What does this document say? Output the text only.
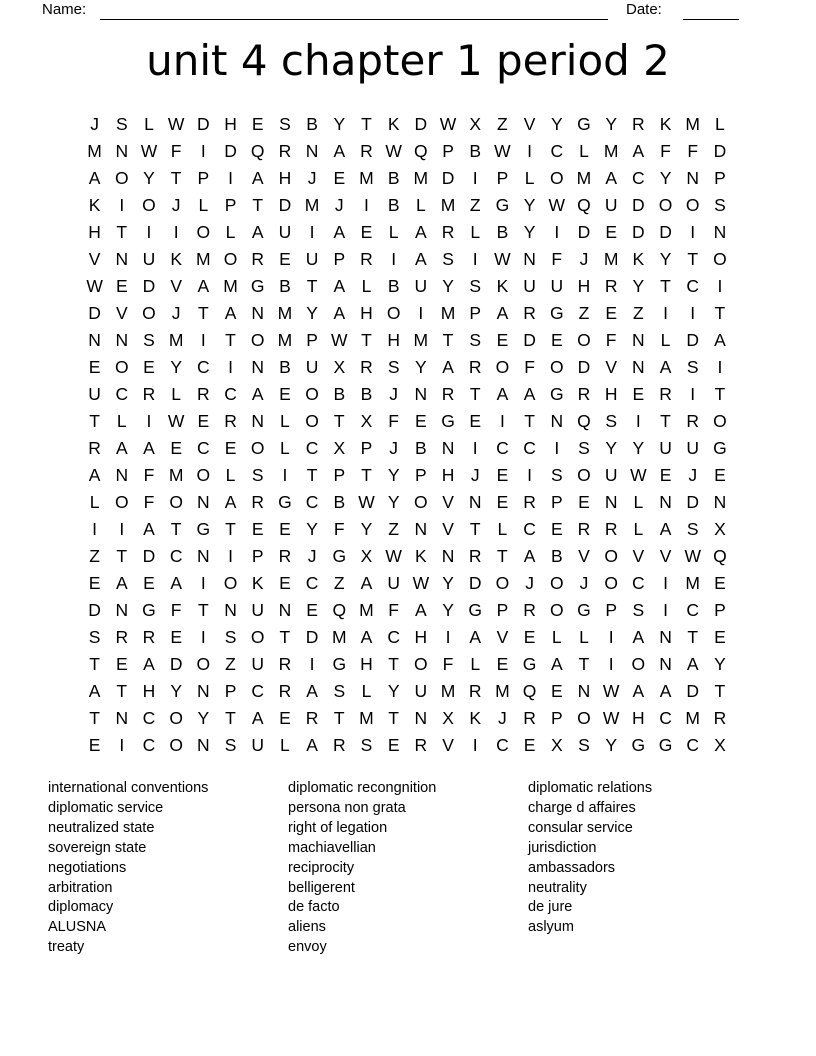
Name:	Date:
unit 4 chapter 1 period 2
J S L W D H E S B Y T K D W X Z V Y G Y R K M L
M N W F	I	D Q R N A R W Q P B W I	C L M A F F D
A O Y T P	I	A H J E M B M D	I	P L O M A C Y N P
K	I	O J	L P T D M J	I	B L M Z G Y W Q U D O O S
H T	I	I	O L A U	I	A E L A R L B Y	I	D E D D	I	N
V N U K M O R E U P R	I	A S	I W N F J M K Y T O
W E D V A M G B T A L B U Y S K U U H R Y T C	I
D V O J T A N M Y A H O	I M P A R G Z E Z	I	I	T
N N S M I	T O M P W T H M T S E D E O F N L D A
E O E Y C	I	N B U X R S Y A R O F O D V N A S	I
U C R L R C A E O B B J N R T A A G R H E R	I	T
T L	I W E R N L O T X F E G E	I	T N Q S	I	T R O
R A A E C E O L C X P J B N	I	C C	I	S Y Y U U G
A N F M O L S	I	T P T Y P H J E	I	S O U W E J E
L O F O N A R G C B W Y O V N E R P E N L N D N
I	I	A T G T E E Y F Y Z N V T L C E R R L A S X
Z T D C N	I	P R J G X W K N R T A B V O V V W Q
E A E A	I	O K E C Z A U W Y D O J O J O C	I M E
D N G F T N U N E Q M F A Y G P R O G P S	I	C P
S R R E	I	S O T D M A C H	I	A V E L L	I	A N T E
T E A D O Z U R	I	G H T O F L E G A T	I	O N A Y
A T H Y N P C R A S L Y U M R M Q E N W A A D T
T N C O Y T A E R T M T N X K J R P O W H C M R
E	I	C O N S U L A R S E R V	I	C E X S Y G G C X
international conventions
diplomatic service
neutralized state
sovereign state
negotiations
arbitration
diplomacy
ALUSNA
treaty
diplomatic recongnition
persona non grata
right of legation
machiavellian
reciprocity
belligerent
de facto
aliens
envoy
diplomatic relations
charge d affaires
consular service
jurisdiction
ambassadors
neutrality
de jure
aslyum
